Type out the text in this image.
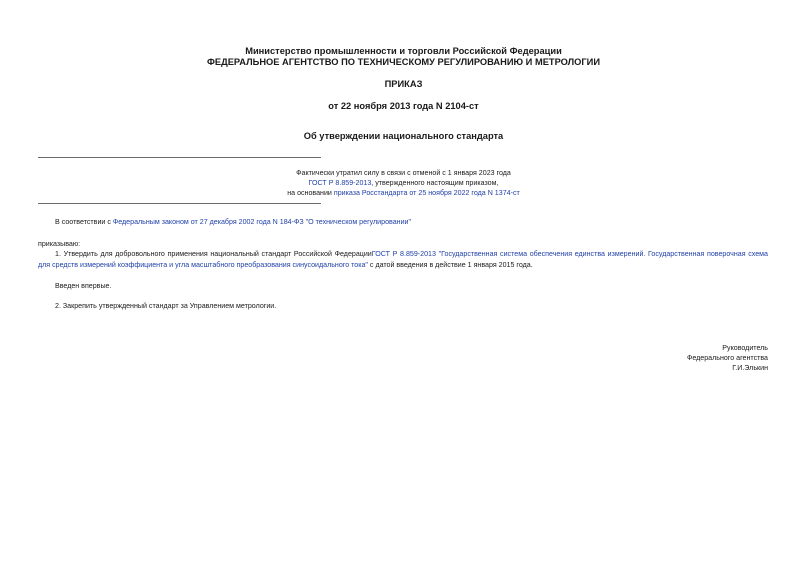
Министерство промышленности и торговли Российской Федерации
ФЕДЕРАЛЬНОЕ АГЕНТСТВО ПО ТЕХНИЧЕСКОМУ РЕГУЛИРОВАНИЮ И МЕТРОЛОГИИ
ПРИКАЗ
от 22 ноября 2013 года N 2104-ст
Об утверждении национального стандарта
Фактически утратил силу в связи с отменой с 1 января 2023 года
ГОСТ Р 8.859-2013, утвержденного настоящим приказом,
на основании приказа Росстандарта от 25 ноября 2022 года N 1374-ст
В соответствии с Федеральным законом от 27 декабря 2002 года N 184-ФЗ "О техническом регулировании"
приказываю:
1. Утвердить для добровольного применения национальный стандарт Российской ФедерацииГОСТ Р 8.859-2013 "Государственная система обеспечения единства измерений. Государственная поверочная схема для средств измерений коэффициента и угла масштабного преобразования синусоидального тока" с датой введения в действие 1 января 2015 года.
Введен впервые.
2. Закрепить утвержденный стандарт за Управлением метрологии.
Руководитель
Федерального агентства
Г.И.Элькин
